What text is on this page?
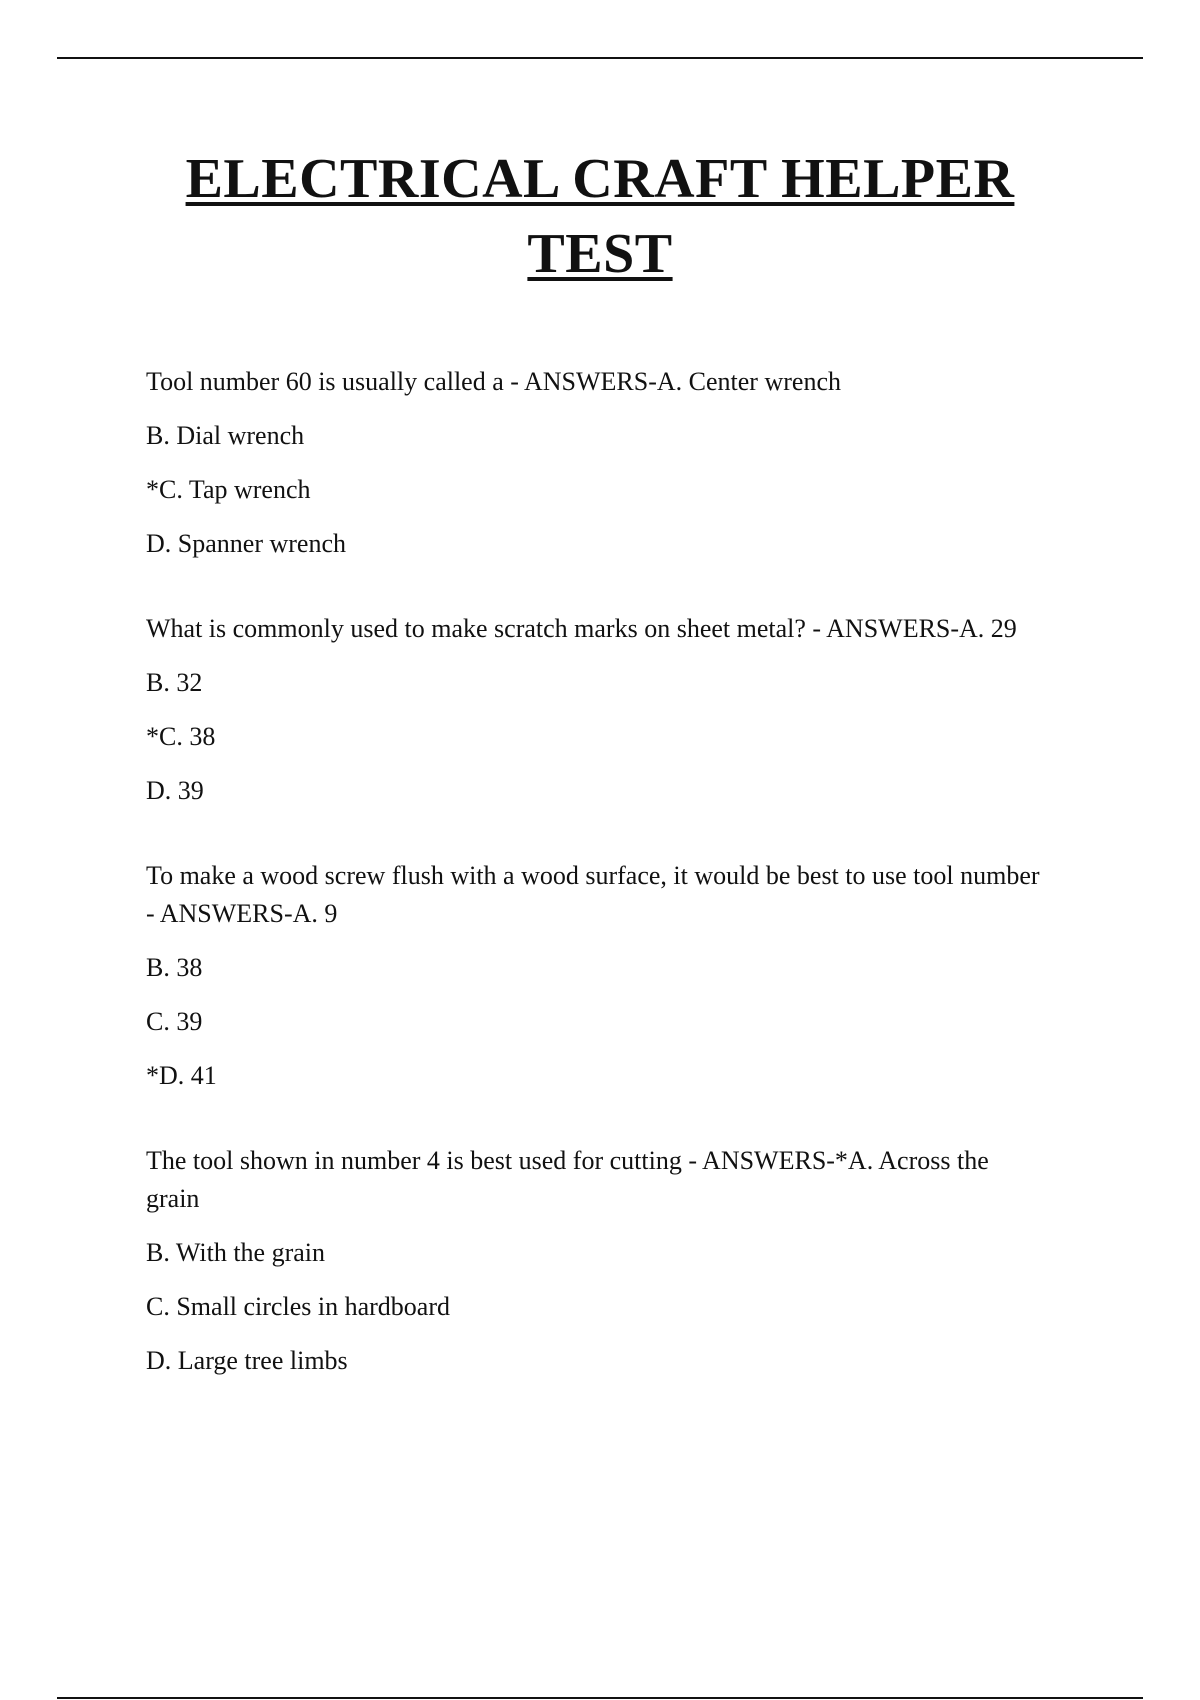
ELECTRICAL CRAFT HELPER
TEST
Tool number 60 is usually called a - ANSWERS-A. Center wrench
B. Dial wrench
*C. Tap wrench
D. Spanner wrench
What is commonly used to make scratch marks on sheet metal? - ANSWERS-A. 29
B. 32
*C. 38
D. 39
To make a wood screw flush with a wood surface, it would be best to use tool number - ANSWERS-A. 9
B. 38
C. 39
*D. 41
The tool shown in number 4 is best used for cutting - ANSWERS-*A. Across the grain
B. With the grain
C. Small circles in hardboard
D. Large tree limbs
